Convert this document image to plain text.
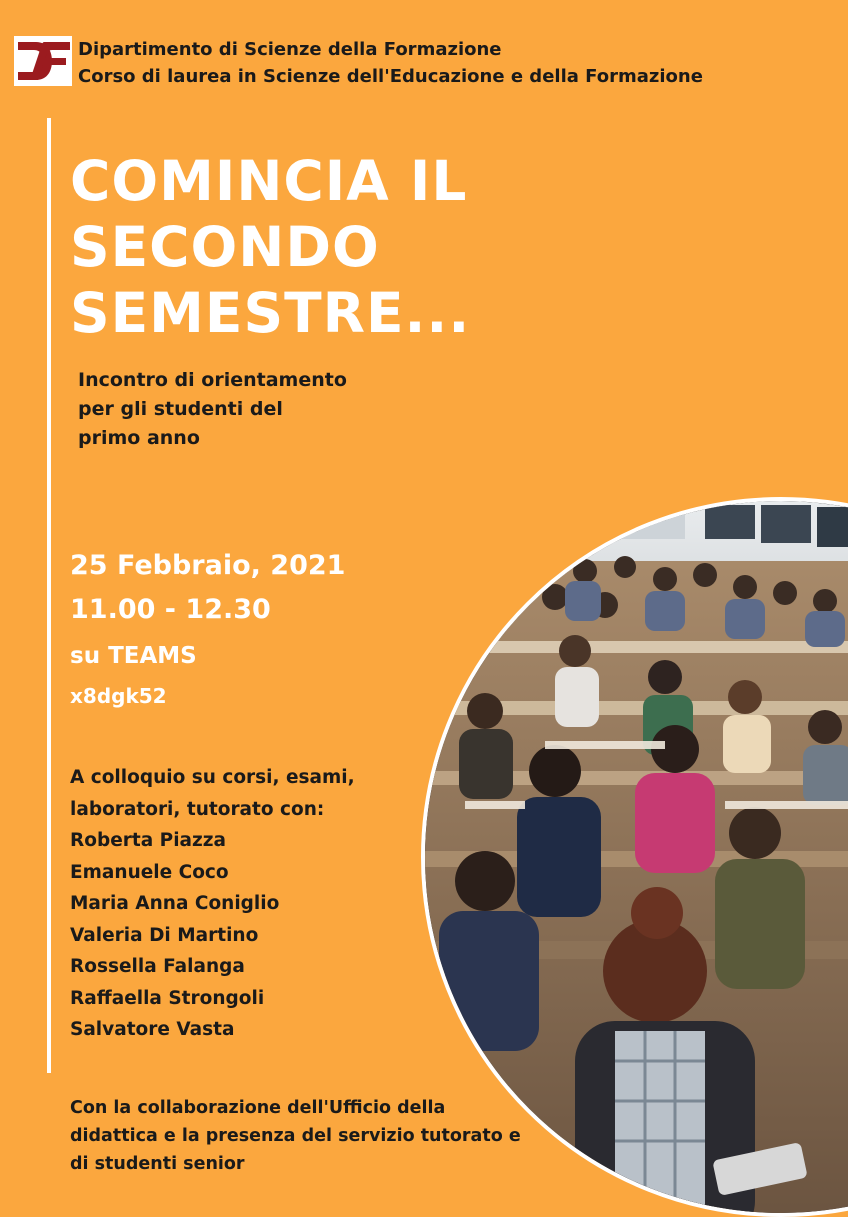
Dipartimento di Scienze della Formazione
Corso di laurea in Scienze dell'Educazione e della Formazione
COMINCIA IL
SECONDO
SEMESTRE...
Incontro di orientamento
per gli studenti del
primo anno
25 Febbraio, 2021
11.00 - 12.30
su TEAMS
x8dgk52
A colloquio su corsi, esami,
laboratori, tutorato con:
Roberta Piazza
Emanuele Coco
Maria Anna Coniglio
Valeria Di Martino
Rossella Falanga
Raffaella Strongoli
Salvatore Vasta
Con la collaborazione dell'Ufficio della
didattica e la presenza del servizio tutorato e
di studenti senior
